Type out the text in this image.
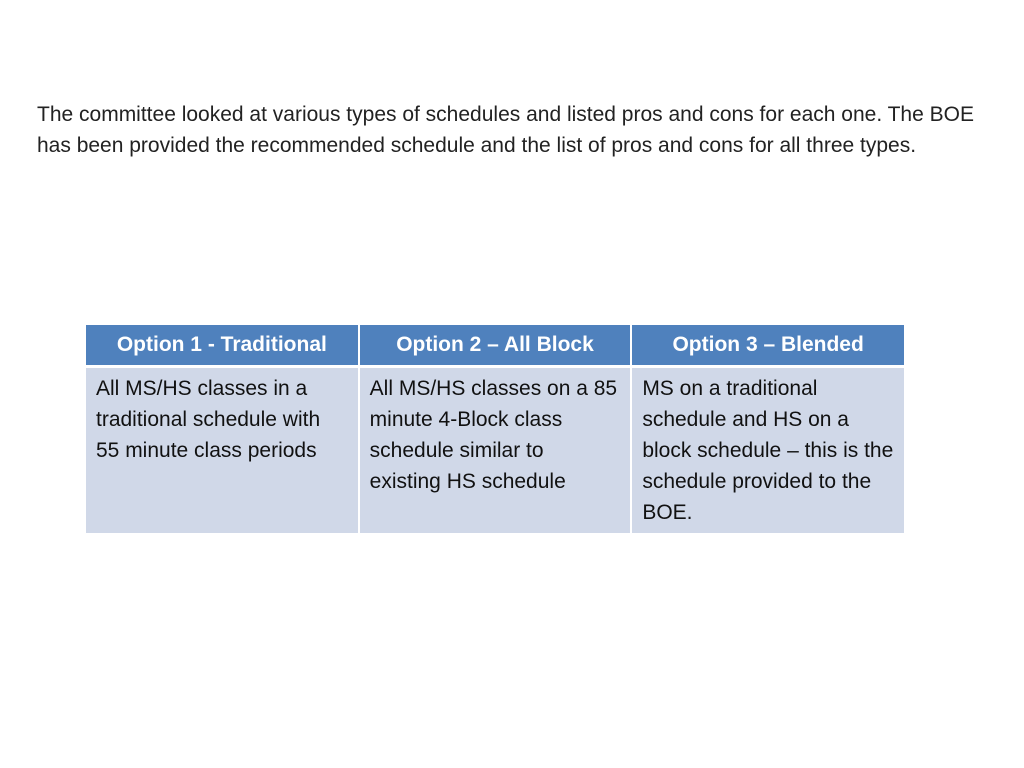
The committee looked at various types of schedules and listed pros and cons for each one. The BOE has been provided the recommended schedule and the list of pros and cons for all three types.

Option 1 - Traditional	Option 2 – All Block	Option 3 – Blended
All MS/HS classes in a traditional schedule with 55 minute class periods	All MS/HS classes on a 85 minute 4-Block class schedule similar to existing HS schedule	MS on a traditional schedule and HS on a block schedule – this is the schedule provided to the BOE.
